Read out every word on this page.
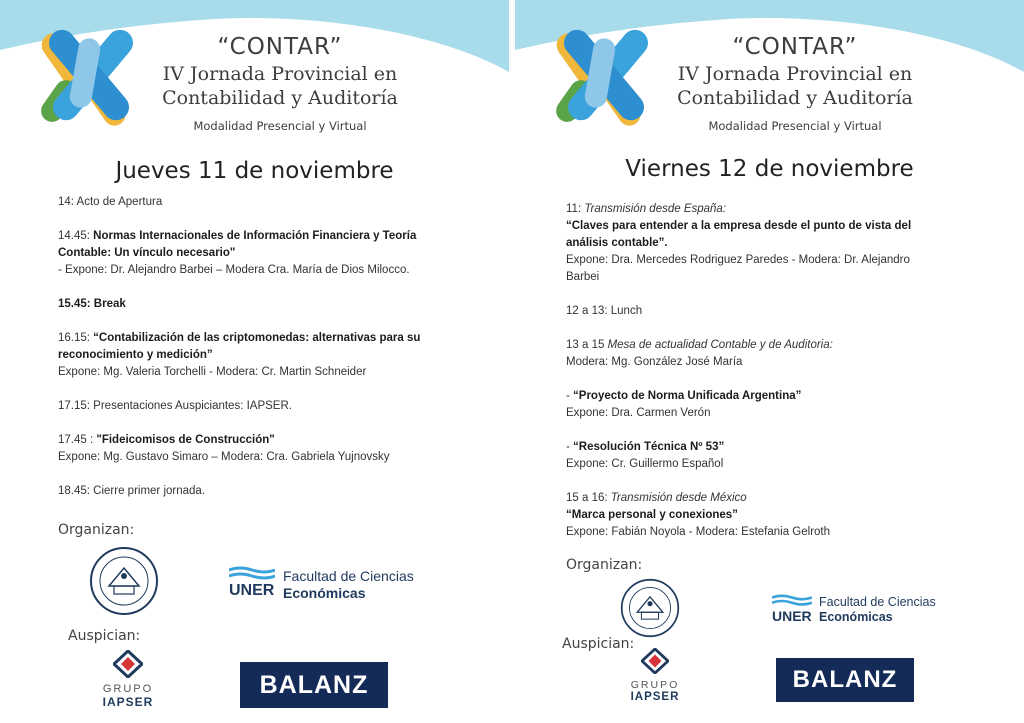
“CONTAR”
IV Jornada Provincial en
Contabilidad y Auditoría
Modalidad Presencial y Virtual
Jueves 11 de noviembre
14: Acto de Apertura
14.45: Normas Internacionales de Información Financiera y Teoría
Contable: Un vínculo necesario"
- Expone: Dr. Alejandro Barbei – Modera Cra. María de Dios Milocco.
15.45: Break
16.15: “Contabilización de las criptomonedas: alternativas para su
reconocimiento y medición”
Expone: Mg. Valeria Torchelli - Modera: Cr. Martin Schneider
17.15: Presentaciones Auspiciantes: IAPSER.
17.45 : "Fideicomisos de Construcción"
Expone: Mg. Gustavo Simaro – Modera: Cra. Gabriela Yujnovsky
18.45: Cierre primer jornada.
Organizan:
UNER
Facultad de Ciencias
Económicas
Auspician:
GRUPO
IAPSER
BALANZ
“CONTAR”
IV Jornada Provincial en
Contabilidad y Auditoría
Modalidad Presencial y Virtual
Viernes 12 de noviembre
11: Transmisión desde España:
“Claves para entender a la empresa desde el punto de vista del
análisis contable”.
Expone: Dra. Mercedes Rodriguez Paredes - Modera: Dr. Alejandro
Barbei
12 a 13: Lunch
13 a 15 Mesa de actualidad Contable y de Auditoria:
Modera: Mg. González José María
- “Proyecto de Norma Unificada Argentina”
Expone: Dra. Carmen Verón
- “Resolución Técnica Nº 53”
Expone: Cr. Guillermo Español
15 a 16: Transmisión desde México
“Marca personal y conexiones”
Expone: Fabián Noyola - Modera: Estefania Gelroth
Organizan:
UNER
Facultad de Ciencias
Económicas
Auspician:
GRUPO
IAPSER
BALANZ
